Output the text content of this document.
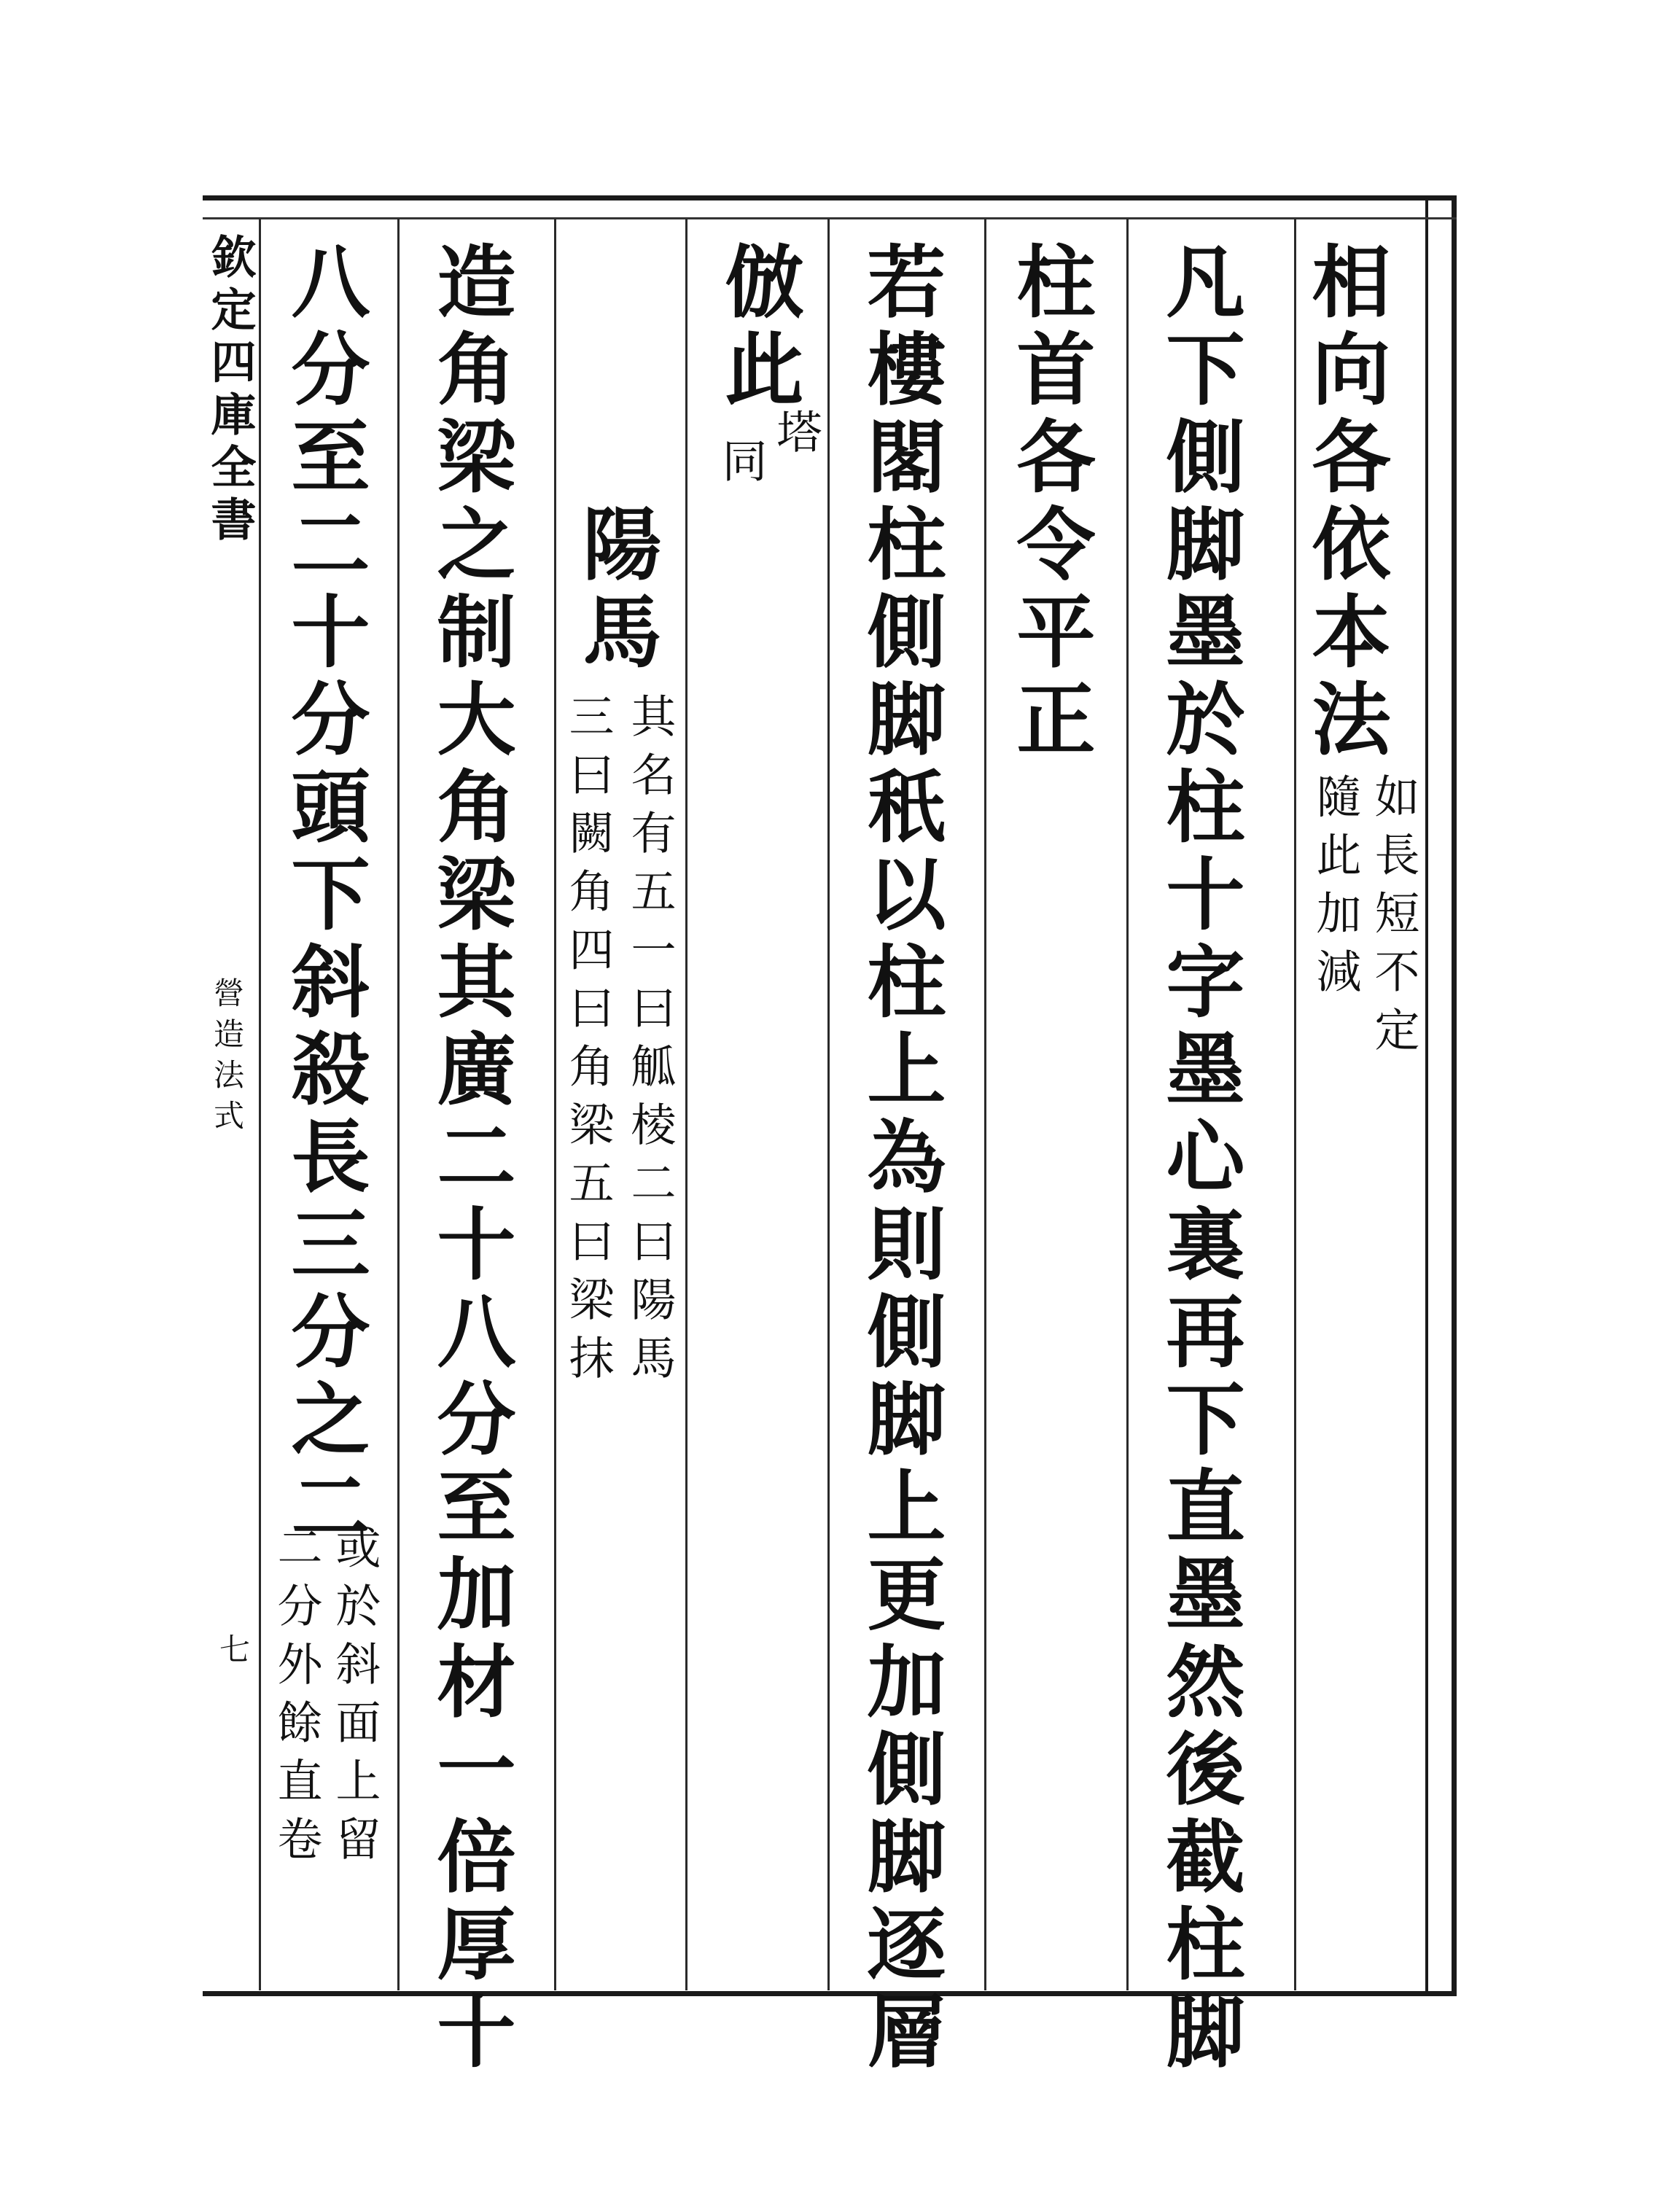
欽定四庫全書
營造法式
七
相向各依本法
如長短不定
隨此加減
凡下側脚墨於柱十字墨心裏再下直墨然後截柱脚
柱首各令平正
若樓閣柱側脚秖以柱上為則側脚上更加側脚逐層
倣此
塔
同
陽馬
其名有五一曰觚棱二曰陽馬
三曰闕角四曰角梁五曰梁抹
造角梁之制大角梁其廣二十八分至加材一倍厚十
八分至二十分頭下斜殺長三分之二
或於斜面上留
二分外餘直卷
